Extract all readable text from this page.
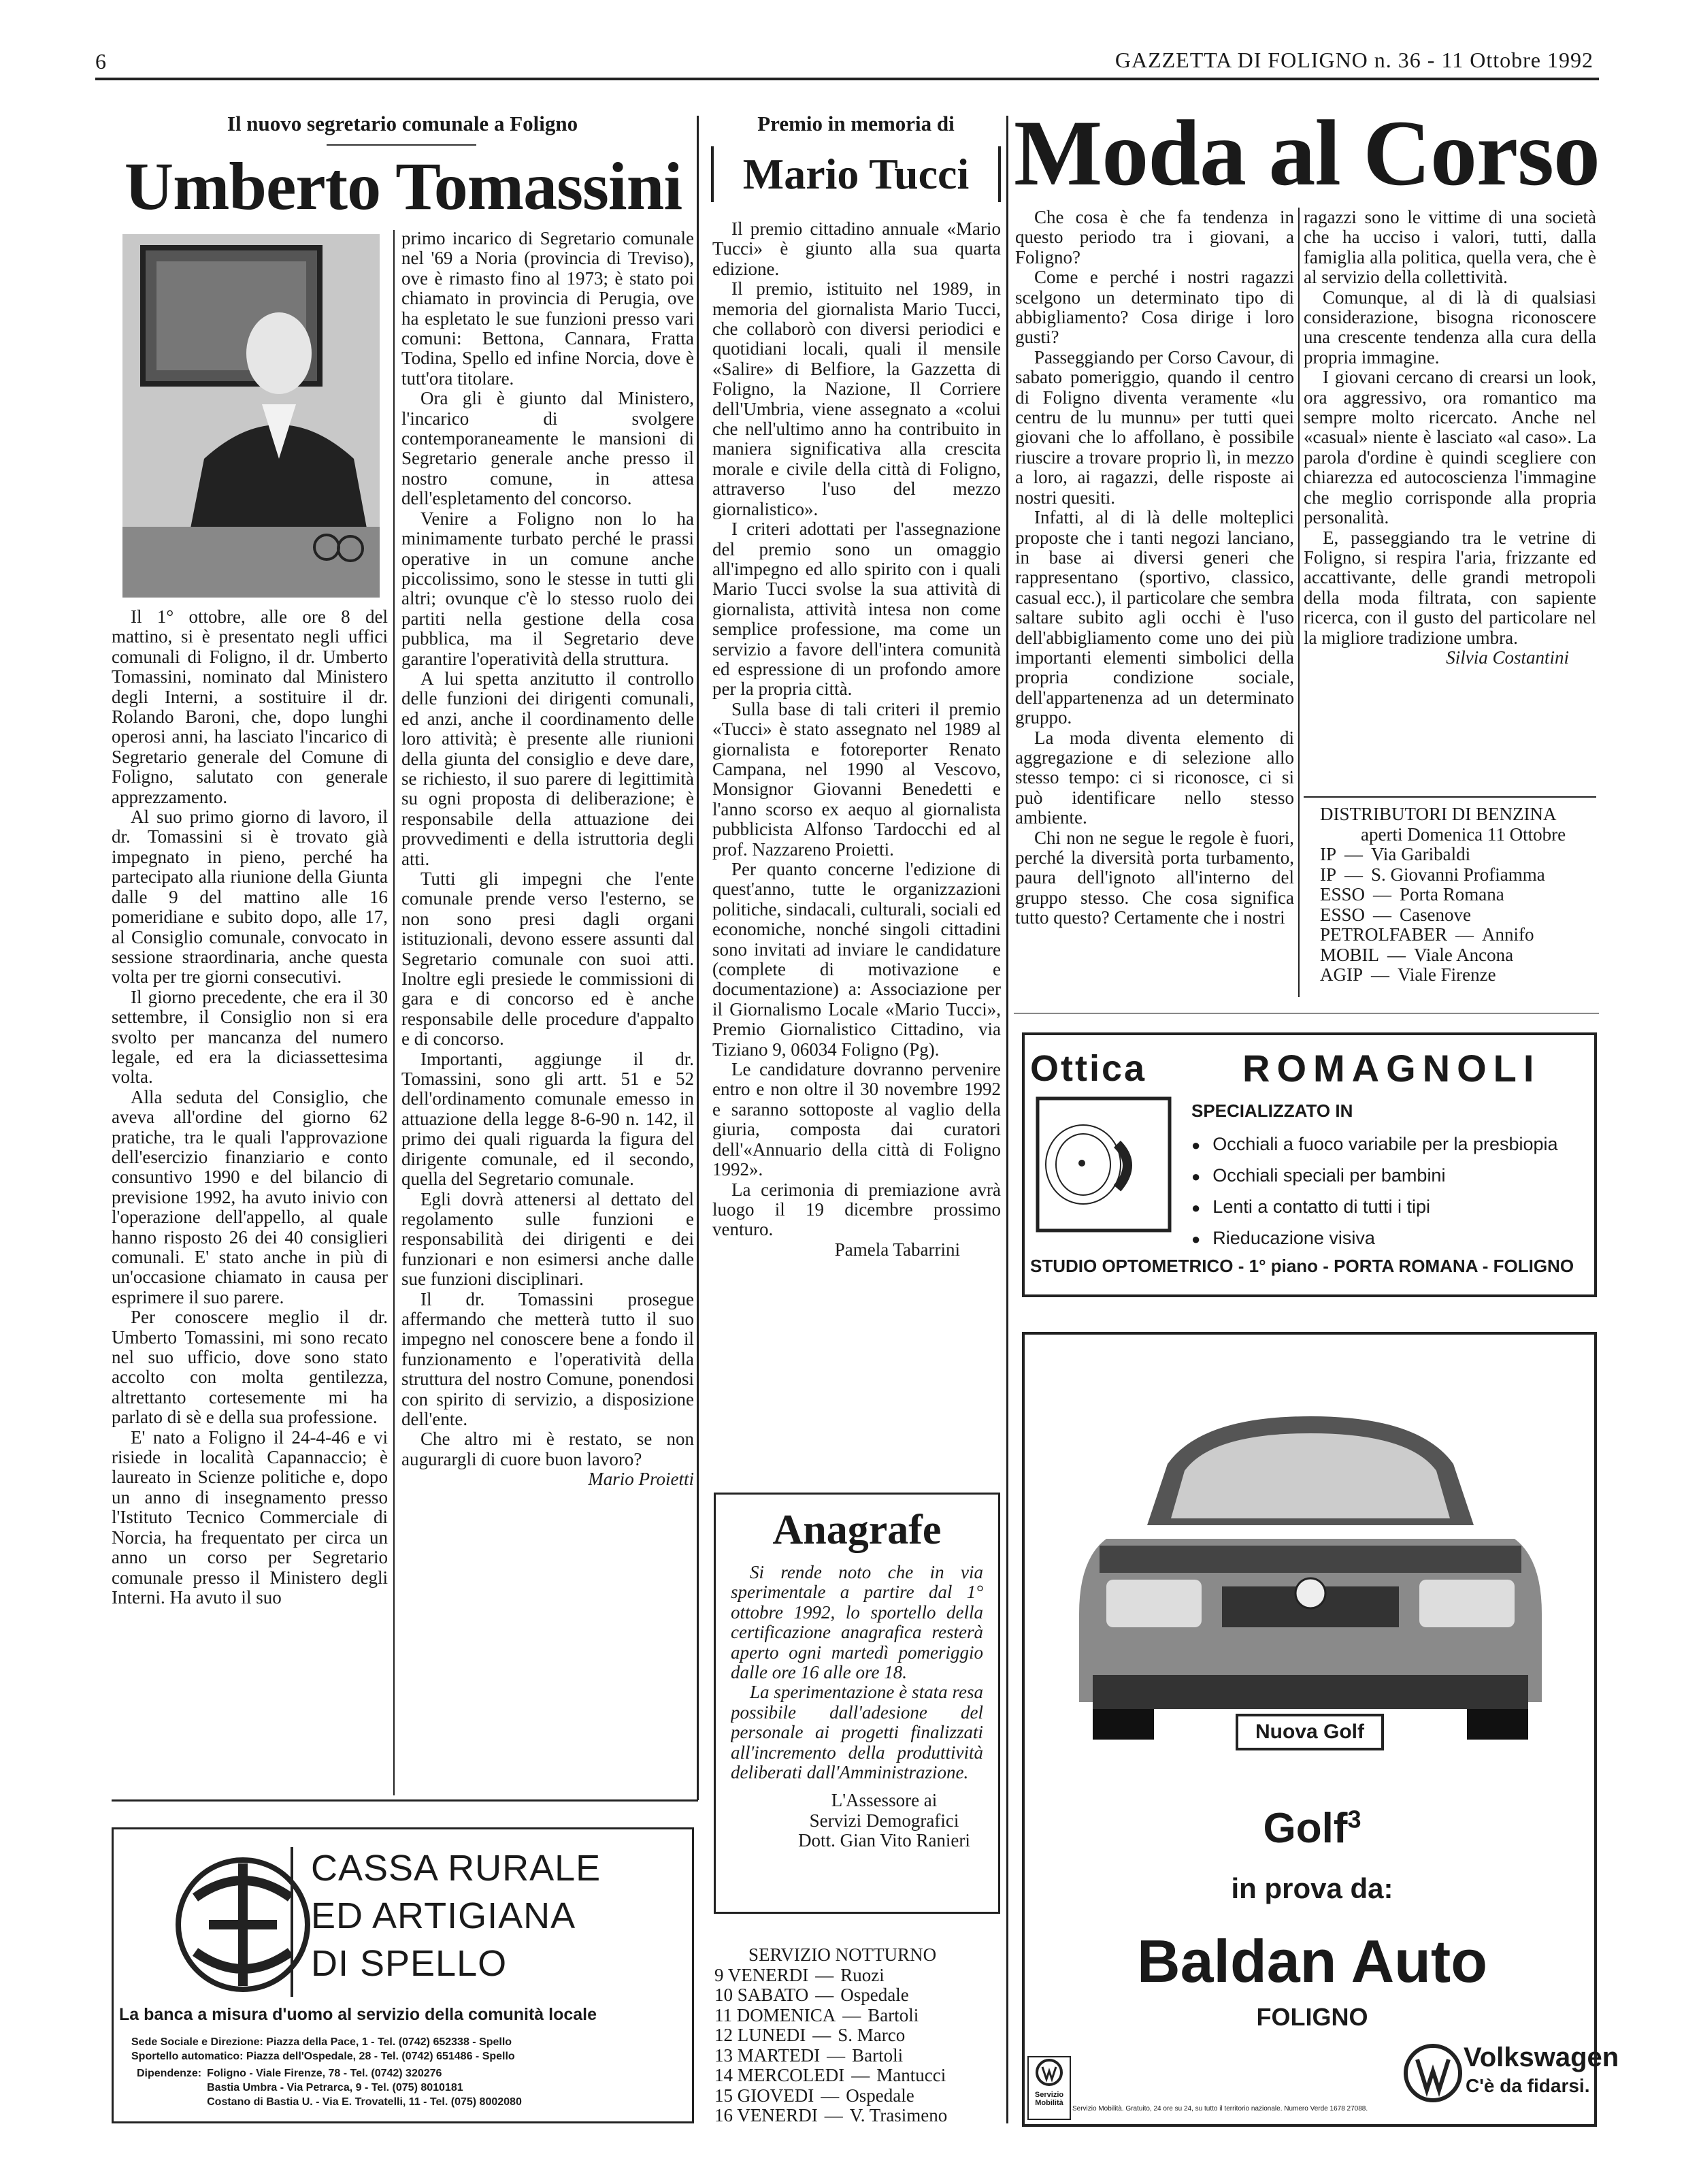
6	GAZZETTA DI FOLIGNO n. 36 - 11 Ottobre 1992
Il nuovo segretario comunale a Foligno
Umberto Tomassini

Il 1° ottobre, alle ore 8 del mattino, si è presentato negli uffici comunali di Foligno, il dr. Umberto Tomassini, nominato dal Ministero degli Interni, a sostituire il dr. Rolando Baroni, che, dopo lunghi operosi anni, ha lasciato l'incarico di Segretario generale del Comune di Foligno, salutato con generale apprezzamento.

Al suo primo giorno di lavoro, il dr. Tomassini si è trovato già impegnato in pieno, perché ha partecipato alla riunione della Giunta dalle 9 del mattino alle 16 pomeridiane e subito dopo, alle 17, al Consiglio comunale, convocato in sessione straordinaria, anche questa volta per tre giorni consecutivi.

Il giorno precedente, che era il 30 settembre, il Consiglio non si era svolto per mancanza del numero legale, ed era la diciassettesima volta.

Alla seduta del Consiglio, che aveva all'ordine del giorno 62 pratiche, tra le quali l'approvazione dell'esercizio finanziario e conto consuntivo 1990 e del bilancio di previsione 1992, ha avuto inivio con l'operazione dell'appello, al quale hanno risposto 26 dei 40 consiglieri comunali. E' stato anche in più di un'occasione chiamato in causa per esprimere il suo parere.

Per conoscere meglio il dr. Umberto Tomassini, mi sono recato nel suo ufficio, dove sono stato accolto con molta gentilezza, altrettanto cortesemente mi ha parlato di sè e della sua professione.

E' nato a Foligno il 24-4-46 e vi risiede in località Capannaccio; è laureato in Scienze politiche e, dopo un anno di insegnamento presso l'Istituto Tecnico Commerciale di Norcia, ha frequentato per circa un anno un corso per Segretario comunale presso il Ministero degli Interni. Ha avuto il suo

primo incarico di Segretario comunale nel '69 a Noria (provincia di Treviso), ove è rimasto fino al 1973; è stato poi chiamato in provincia di Perugia, ove ha espletato le sue funzioni presso vari comuni: Bettona, Cannara, Fratta Todina, Spello ed infine Norcia, dove è tutt'ora titolare.

Ora gli è giunto dal Ministero, l'incarico di svolgere contemporaneamente le mansioni di Segretario generale anche presso il nostro comune, in attesa dell'espletamento del concorso.

Venire a Foligno non lo ha minimamente turbato perché le prassi operative in un comune anche piccolissimo, sono le stesse in tutti gli altri; ovunque c'è lo stesso ruolo dei partiti nella gestione della cosa pubblica, ma il Segretario deve garantire l'operatività della struttura.

A lui spetta anzitutto il controllo delle funzioni dei dirigenti comunali, ed anzi, anche il coordinamento delle loro attività; è presente alle riunioni della giunta del consiglio e deve dare, se richiesto, il suo parere di legittimità su ogni proposta di deliberazione; è responsabile della attuazione dei provvedimenti e della istruttoria degli atti.

Tutti gli impegni che l'ente comunale prende verso l'esterno, se non sono presi dagli organi istituzionali, devono essere assunti dal Segretario comunale con suoi atti. Inoltre egli presiede le commissioni di gara e di concorso ed è anche responsabile delle procedure d'appalto e di concorso.

Importanti, aggiunge il dr. Tomassini, sono gli artt. 51 e 52 dell'ordinamento comunale emesso in attuazione della legge 8-6-90 n. 142, il primo dei quali riguarda la figura del dirigente comunale, ed il secondo, quella del Segretario comunale.

Egli dovrà attenersi al dettato del regolamento sulle funzioni e responsabilità dei dirigenti e dei funzionari e non esimersi anche dalle sue funzioni disciplinari.

Il dr. Tomassini prosegue affermando che metterà tutto il suo impegno nel conoscere bene a fondo il funzionamento e l'operatività della struttura del nostro Comune, ponendosi con spirito di servizio, a disposizione dell'ente.

Che altro mi è restato, se non augurargli di cuore buon lavoro?

Mario Proietti

CASSA RURALE
ED ARTIGIANA
DI SPELLO
La banca a misura d'uomo al servizio della comunità locale
Sede Sociale e Direzione: Piazza della Pace, 1 - Tel. (0742) 652338 - Spello
Sportello automatico: Piazza dell'Ospedale, 28 - Tel. (0742) 651486 - Spello
Dipendenze: Foligno - Viale Firenze, 78 - Tel. (0742) 320276
Bastia Umbra - Via Petrarca, 9 - Tel. (075) 8010181
Costano di Bastia U. - Via E. Trovatelli, 11 - Tel. (075) 8002080
Premio in memoria di
Mario Tucci

Il premio cittadino annuale «Mario Tucci» è giunto alla sua quarta edizione.

Il premio, istituito nel 1989, in memoria del giornalista Mario Tucci, che collaborò con diversi periodici e quotidiani locali, quali il mensile «Salire» di Belfiore, la Gazzetta di Foligno, la Nazione, Il Corriere dell'Umbria, viene assegnato a «colui che nell'ultimo anno ha contribuito in maniera significativa alla crescita morale e civile della città di Foligno, attraverso l'uso del mezzo giornalistico».

I criteri adottati per l'assegnazione del premio sono un omaggio all'impegno ed allo spirito con i quali Mario Tucci svolse la sua attività di giornalista, attività intesa non come semplice professione, ma come un servizio a favore dell'intera comunità ed espressione di un profondo amore per la propria città.

Sulla base di tali criteri il premio «Tucci» è stato assegnato nel 1989 al giornalista e fotoreporter Renato Campana, nel 1990 al Vescovo, Monsignor Giovanni Benedetti e l'anno scorso ex aequo al giornalista pubblicista Alfonso Tardocchi ed al prof. Nazzareno Proietti.

Per quanto concerne l'edizione di quest'anno, tutte le organizzazioni politiche, sindacali, culturali, sociali ed economiche, nonché singoli cittadini sono invitati ad inviare le candidature (complete di motivazione e documentazione) a: Associazione per il Giornalismo Locale «Mario Tucci», Premio Giornalistico Cittadino, via Tiziano 9, 06034 Foligno (Pg).

Le candidature dovranno pervenire entro e non oltre il 30 novembre 1992 e saranno sottoposte al vaglio della giuria, composta dai curatori dell'«Annuario della città di Foligno 1992».

La cerimonia di premiazione avrà luogo il 19 dicembre prossimo venturo.

Pamela Tabarrini

Anagrafe

Si rende noto che in via sperimentale a partire dal 1° ottobre 1992, lo sportello della certificazione anagrafica resterà aperto ogni martedì pomeriggio dalle ore 16 alle ore 18.

La sperimentazione è stata resa possibile dall'adesione del personale ai progetti finalizzati all'incremento della produttività deliberati dall'Amministrazione.

L'Assessore ai
Servizi Demografici
Dott. Gian Vito Ranieri
SERVIZIO NOTTURNO
9 VENERDI — Ruozi
10 SABATO — Ospedale
11 DOMENICA — Bartoli
12 LUNEDI — S. Marco
13 MARTEDI — Bartoli
14 MERCOLEDI — Mantucci
15 GIOVEDI — Ospedale
16 VENERDI — V. Trasimeno
Moda al Corso

Che cosa è che fa tendenza in questo periodo tra i giovani, a Foligno?

Come e perché i nostri ragazzi scelgono un determinato tipo di abbigliamento? Cosa dirige i loro gusti?

Passeggiando per Corso Cavour, di sabato pomeriggio, quando il centro di Foligno diventa veramente «lu centru de lu munnu» per tutti quei giovani che lo affollano, è possibile riuscire a trovare proprio lì, in mezzo a loro, ai ragazzi, delle risposte ai nostri quesiti.

Infatti, al di là delle molteplici proposte che i tanti negozi lanciano, in base ai diversi generi che rappresentano (sportivo, classico, casual ecc.), il particolare che sembra saltare subito agli occhi è l'uso dell'abbigliamento come uno dei più importanti elementi simbolici della propria condizione sociale, dell'appartenenza ad un determinato gruppo.

La moda diventa elemento di aggregazione e di selezione allo stesso tempo: ci si riconosce, ci si può identificare nello stesso ambiente.

Chi non ne segue le regole è fuori, perché la diversità porta turbamento, paura dell'ignoto all'interno del gruppo stesso. Che cosa significa tutto questo? Certamente che i nostri

ragazzi sono le vittime di una società che ha ucciso i valori, tutti, dalla famiglia alla politica, quella vera, che è al servizio della collettività.

Comunque, al di là di qualsiasi considerazione, bisogna riconoscere una crescente tendenza alla cura della propria immagine.

I giovani cercano di crearsi un look, ora aggressivo, ora romantico ma sempre molto ricercato. Anche nel «casual» niente è lasciato «al caso». La parola d'ordine è quindi scegliere con chiarezza ed autocoscienza l'immagine che meglio corrisponde alla propria personalità.

E, passeggiando tra le vetrine di Foligno, si respira l'aria, frizzante ed accattivante, delle grandi metropoli della moda filtrata, con sapiente ricerca, con il gusto del particolare nel la migliore tradizione umbra.

Silvia Costantini

DISTRIBUTORI DI BENZINA
aperti Domenica 11 Ottobre
IP — Via Garibaldi
IP — S. Giovanni Profiamma
ESSO — Porta Romana
ESSO — Casenove
PETROLFABER — Annifo
MOBIL — Viale Ancona
AGIP — Viale Firenze
Ottica	ROMAGNOLI
SPECIALIZZATO IN
● Occhiali a fuoco variabile per la presbiopia
● Occhiali speciali per bambini
● Lenti a contatto di tutti i tipi
● Rieducazione visiva
STUDIO OPTOMETRICO - 1° piano - PORTA ROMANA - FOLIGNO
Nuova Golf
Golf$^3$
in prova da:
Baldan Auto
FOLIGNO
Servizio Mobilità
Servizio Mobilità. Gratuito, 24 ore su 24, su tutto il territorio nazionale. Numero Verde 1678 27088.
Volkswagen
C'è da fidarsi.
